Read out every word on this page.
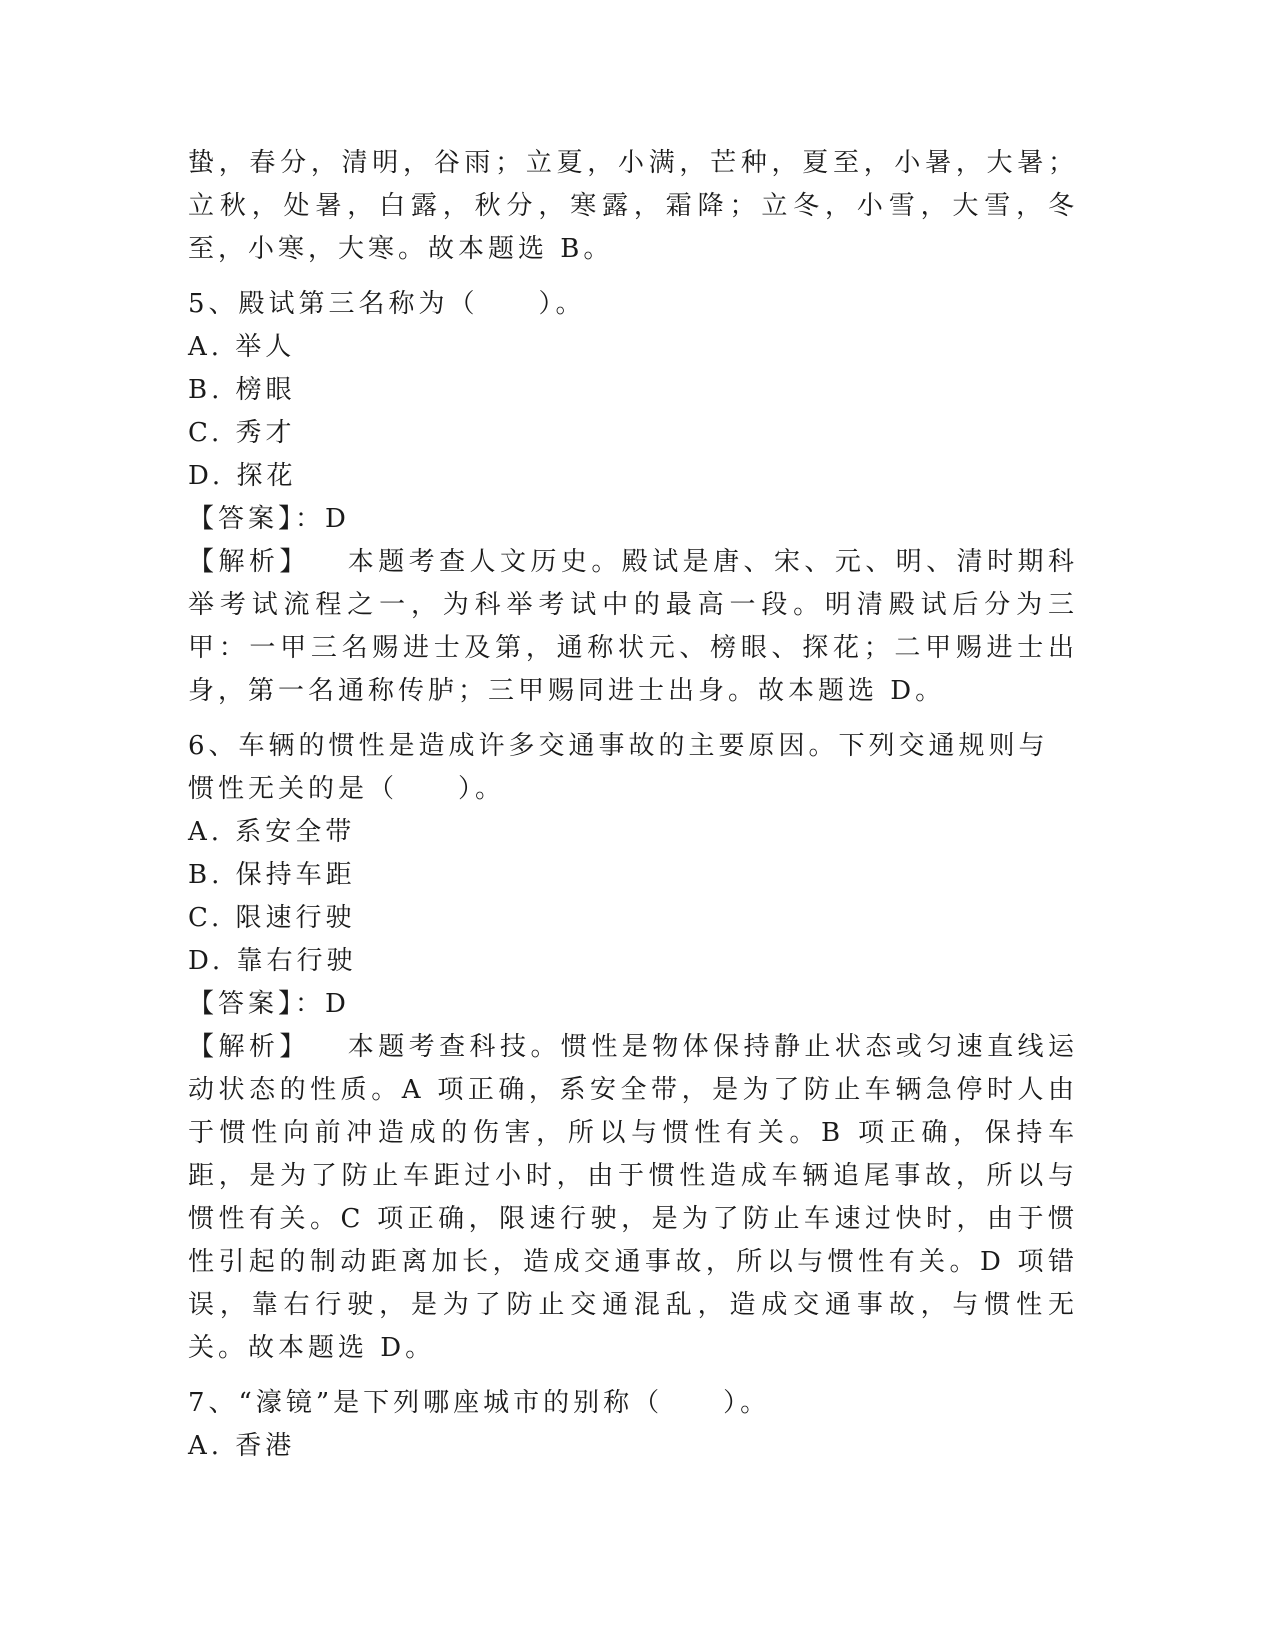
蛰，春分，清明，谷雨；立夏，小满，芒种，夏至，小暑，大暑；立秋，处暑，白露，秋分，寒露，霜降；立冬，小雪，大雪，冬至，小寒，大寒。故本题选 B。

5、殿试第三名称为（　　）。

A. 举人

B. 榜眼

C. 秀才

D. 探花

【答案】：D

【解析】 本题考查人文历史。殿试是唐、宋、元、明、清时期科举考试流程之一，为科举考试中的最高一段。明清殿试后分为三甲：一甲三名赐进士及第，通称状元、榜眼、探花；二甲赐进士出身，第一名通称传胪；三甲赐同进士出身。故本题选 D。

6、车辆的惯性是造成许多交通事故的主要原因。下列交通规则与惯性无关的是（　　）。

A. 系安全带

B. 保持车距

C. 限速行驶

D. 靠右行驶

【答案】：D

【解析】 本题考查科技。惯性是物体保持静止状态或匀速直线运动状态的性质。A 项正确，系安全带，是为了防止车辆急停时人由于惯性向前冲造成的伤害，所以与惯性有关。B 项正确，保持车距，是为了防止车距过小时，由于惯性造成车辆追尾事故，所以与惯性有关。C 项正确，限速行驶，是为了防止车速过快时，由于惯性引起的制动距离加长，造成交通事故，所以与惯性有关。D 项错误，靠右行驶，是为了防止交通混乱，造成交通事故，与惯性无关。故本题选 D。

7、“濠镜”是下列哪座城市的别称（　　）。

A. 香港
